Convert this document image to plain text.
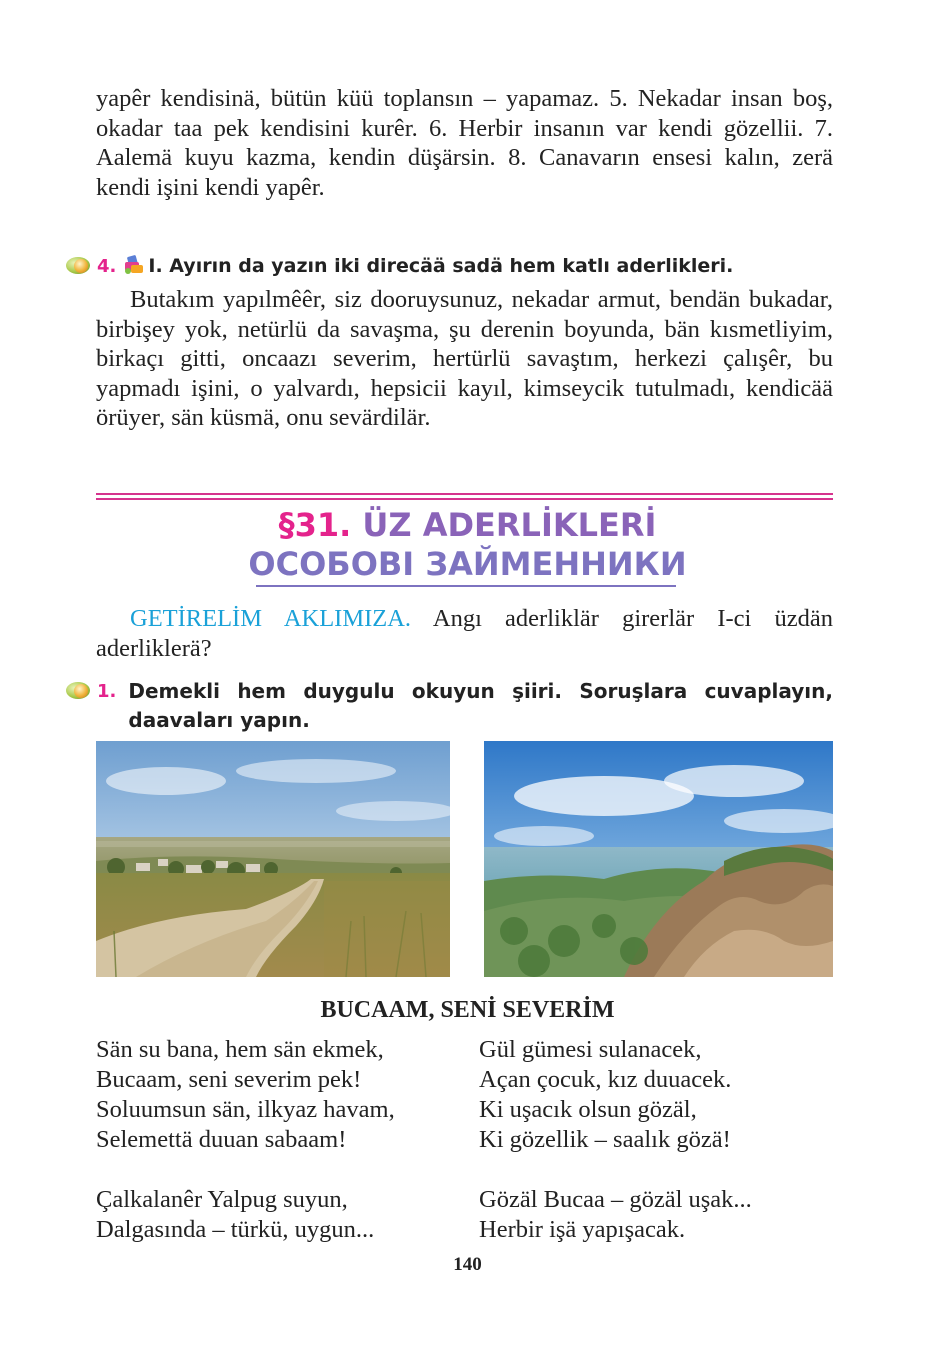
yapêr kendisinä, bütün küü toplansın – yapamaz. 5. Nekadar insan boş, okadar taa pek kendisini kurêr. 6. Herbir insanın var kendi gözellii. 7. Aalemä kuyu kazma, kendin düşärsin. 8. Canavarın ensesi kalın, zerä kendi işini kendi yapêr.
4. I. Ayırın da yazın iki direcää sadä hem katlı aderlikleri.
Butakım yapılmêêr, siz dooruysunuz, nekadar armut, bendän bukadar, birbişey yok, netürlü da savaşma, şu derenin boyunda, bän kısmetliyim, birkaçı gitti, oncaazı severim, hertürlü savaştım, herkezi çalışêr, bu yapmadı işini, o yalvardı, hepsicii kayıl, kimseycik tutulmadı, kendicää örüyer, sän küsmä, onu sevärdilär.
§31. ÜZ ADERLİKLERİ
ОСОБОВІ ЗАЙМЕННИКИ
GETİRELİM AKLIMIZA. Angı aderliklär girerlär I-ci üzdän aderliklerä?
1. Demekli hem duygulu okuyun şiiri. Soruşlara cuvaplayın, daavaları yapın.
BUCAAM, SENİ SEVERİM
Sän su bana, hem sän ekmek,
Bucaam, seni severim pek!
Soluumsun sän, ilkyaz havam,
Selemettä duuan sabaam!
Çalkalanêr Yalpug suyun,
Dalgasında – türkü, uygun...
Gül gümesi sulanacek,
Açan çocuk, kız duuacek.
Ki uşacık olsun gözäl,
Ki gözellik – saalık gözä!
Gözäl Bucaa – gözäl uşak...
Herbir işä yapışacak.
140
